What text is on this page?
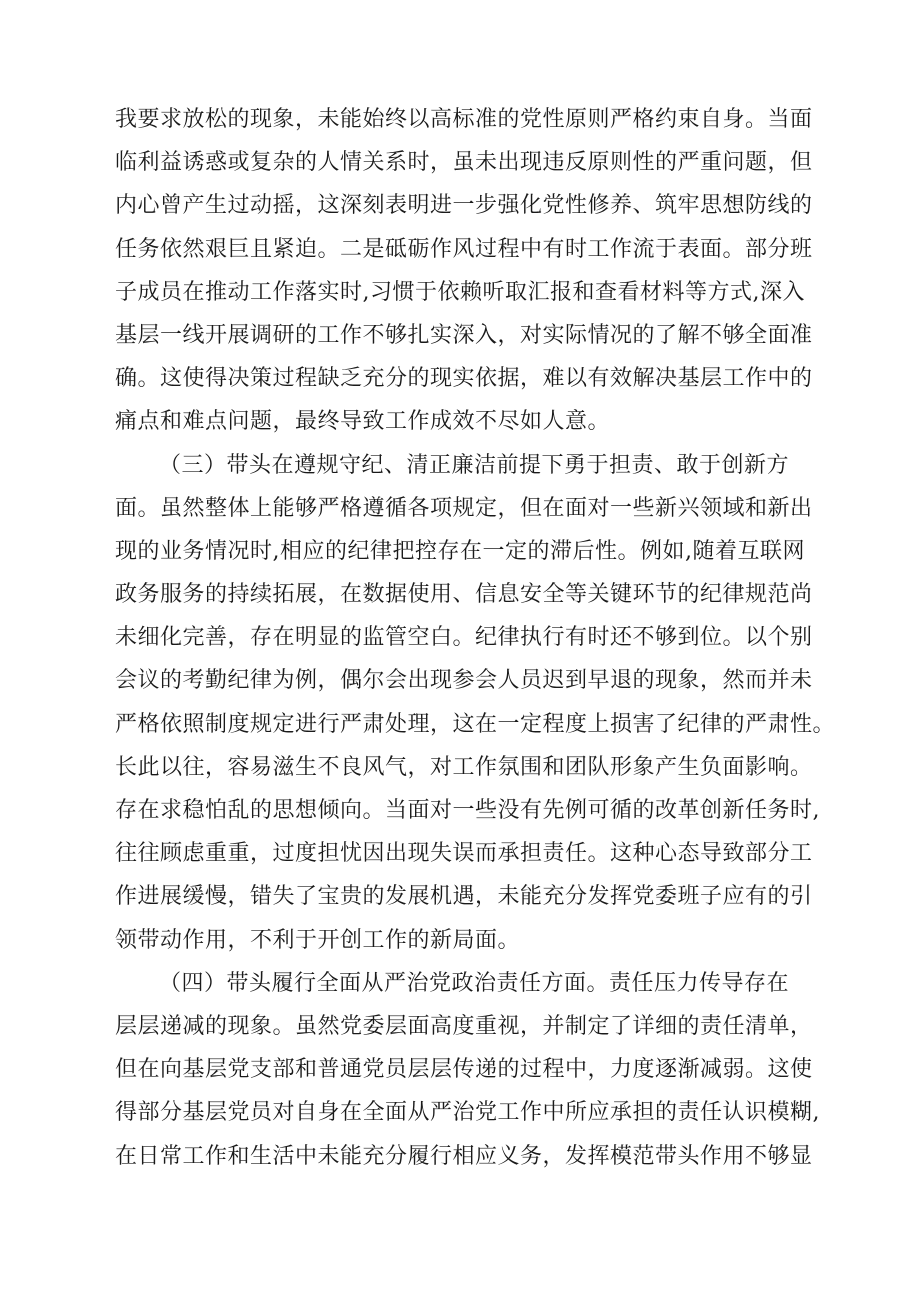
我要求放松的现象，未能始终以高标准的党性原则严格约束自身。当面
临利益诱惑或复杂的人情关系时，虽未出现违反原则性的严重问题，但
内心曾产生过动摇，这深刻表明进一步强化党性修养、筑牢思想防线的
任务依然艰巨且紧迫。二是砥砺作风过程中有时工作流于表面。部分班
子成员在推动工作落实时,习惯于依赖听取汇报和查看材料等方式,深入
基层一线开展调研的工作不够扎实深入，对实际情况的了解不够全面准
确。这使得决策过程缺乏充分的现实依据，难以有效解决基层工作中的
痛点和难点问题，最终导致工作成效不尽如人意。
（三）带头在遵规守纪、清正廉洁前提下勇于担责、敢于创新方
面。虽然整体上能够严格遵循各项规定，但在面对一些新兴领域和新出
现的业务情况时,相应的纪律把控存在一定的滞后性。例如,随着互联网
政务服务的持续拓展，在数据使用、信息安全等关键环节的纪律规范尚
未细化完善，存在明显的监管空白。纪律执行有时还不够到位。以个别
会议的考勤纪律为例，偶尔会出现参会人员迟到早退的现象，然而并未
严格依照制度规定进行严肃处理，这在一定程度上损害了纪律的严肃性。
长此以往，容易滋生不良风气，对工作氛围和团队形象产生负面影响。
存在求稳怕乱的思想倾向。当面对一些没有先例可循的改革创新任务时,
往往顾虑重重，过度担忧因出现失误而承担责任。这种心态导致部分工
作进展缓慢，错失了宝贵的发展机遇，未能充分发挥党委班子应有的引
领带动作用，不利于开创工作的新局面。
（四）带头履行全面从严治党政治责任方面。责任压力传导存在
层层递减的现象。虽然党委层面高度重视，并制定了详细的责任清单，
但在向基层党支部和普通党员层层传递的过程中，力度逐渐减弱。这使
得部分基层党员对自身在全面从严治党工作中所应承担的责任认识模糊,
在日常工作和生活中未能充分履行相应义务，发挥模范带头作用不够显
